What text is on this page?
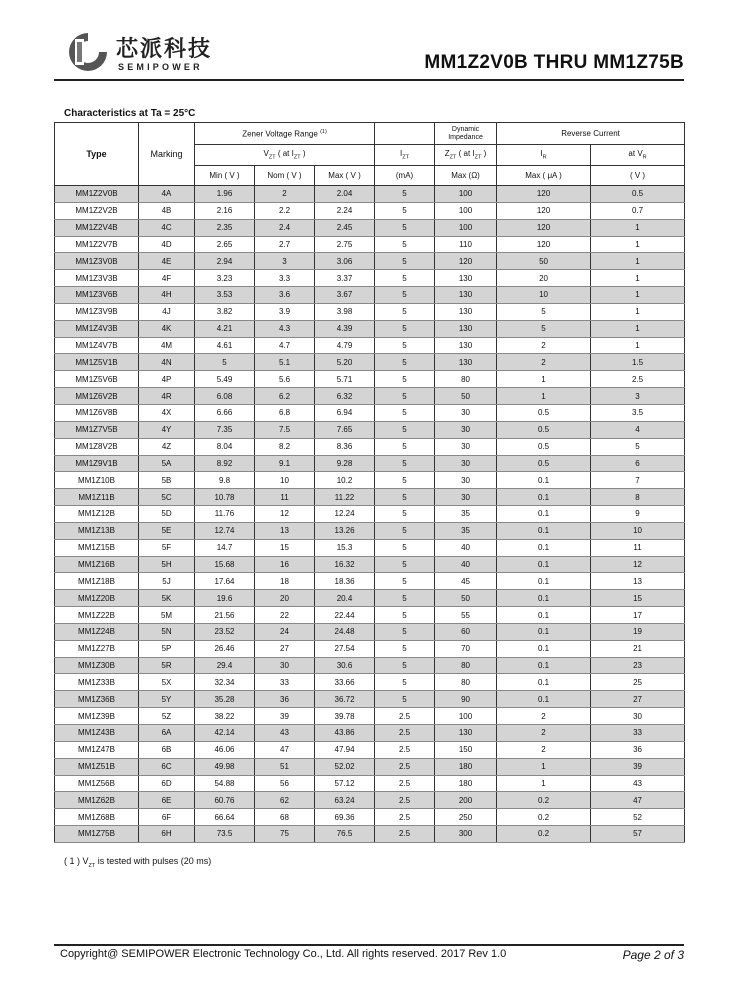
芯派科技
SEMIPOWER	MM1Z2V0B THRU MM1Z75B
Characteristics at Ta = 25°C
Type	Marking	Zener Voltage Range $^{(1)}$				Dynamic Impedance	Reverse Current	
		$V_{ZT}$ ( at $I_{ZT}$ )			$I_{ZT}$	$Z_{ZT}$ ( at $I_{ZT}$ )	$I_R$	at $V_R$
		Min ( V )	Nom ( V )	Max ( V )	(mA)	Max (Ω)	Max ( μA )	( V )
MM1Z2V0B	4A	1.96	2	2.04	5	100	120	0.5
MM1Z2V2B	4B	2.16	2.2	2.24	5	100	120	0.7
MM1Z2V4B	4C	2.35	2.4	2.45	5	100	120	1
MM1Z2V7B	4D	2.65	2.7	2.75	5	110	120	1
MM1Z3V0B	4E	2.94	3	3.06	5	120	50	1
MM1Z3V3B	4F	3.23	3.3	3.37	5	130	20	1
MM1Z3V6B	4H	3.53	3.6	3.67	5	130	10	1
MM1Z3V9B	4J	3.82	3.9	3.98	5	130	5	1
MM1Z4V3B	4K	4.21	4.3	4.39	5	130	5	1
MM1Z4V7B	4M	4.61	4.7	4.79	5	130	2	1
MM1Z5V1B	4N	5	5.1	5.20	5	130	2	1.5
MM1Z5V6B	4P	5.49	5.6	5.71	5	80	1	2.5
MM1Z6V2B	4R	6.08	6.2	6.32	5	50	1	3
MM1Z6V8B	4X	6.66	6.8	6.94	5	30	0.5	3.5
MM1Z7V5B	4Y	7.35	7.5	7.65	5	30	0.5	4
MM1Z8V2B	4Z	8.04	8.2	8.36	5	30	0.5	5
MM1Z9V1B	5A	8.92	9.1	9.28	5	30	0.5	6
MM1Z10B	5B	9.8	10	10.2	5	30	0.1	7
MM1Z11B	5C	10.78	11	11.22	5	30	0.1	8
MM1Z12B	5D	11.76	12	12.24	5	35	0.1	9
MM1Z13B	5E	12.74	13	13.26	5	35	0.1	10
MM1Z15B	5F	14.7	15	15.3	5	40	0.1	11
MM1Z16B	5H	15.68	16	16.32	5	40	0.1	12
MM1Z18B	5J	17.64	18	18.36	5	45	0.1	13
MM1Z20B	5K	19.6	20	20.4	5	50	0.1	15
MM1Z22B	5M	21.56	22	22.44	5	55	0.1	17
MM1Z24B	5N	23.52	24	24.48	5	60	0.1	19
MM1Z27B	5P	26.46	27	27.54	5	70	0.1	21
MM1Z30B	5R	29.4	30	30.6	5	80	0.1	23
MM1Z33B	5X	32.34	33	33.66	5	80	0.1	25
MM1Z36B	5Y	35.28	36	36.72	5	90	0.1	27
MM1Z39B	5Z	38.22	39	39.78	2.5	100	2	30
MM1Z43B	6A	42.14	43	43.86	2.5	130	2	33
MM1Z47B	6B	46.06	47	47.94	2.5	150	2	36
MM1Z51B	6C	49.98	51	52.02	2.5	180	1	39
MM1Z56B	6D	54.88	56	57.12	2.5	180	1	43
MM1Z62B	6E	60.76	62	63.24	2.5	200	0.2	47
MM1Z68B	6F	66.64	68	69.36	2.5	250	0.2	52
MM1Z75B	6H	73.5	75	76.5	2.5	300	0.2	57
( 1 ) $V_{ZT}$ is tested with pulses (20 ms)
Copyright@ SEMIPOWER Electronic Technology Co., Ltd. All rights reserved. 2017 Rev 1.0	Page 2 of 3
